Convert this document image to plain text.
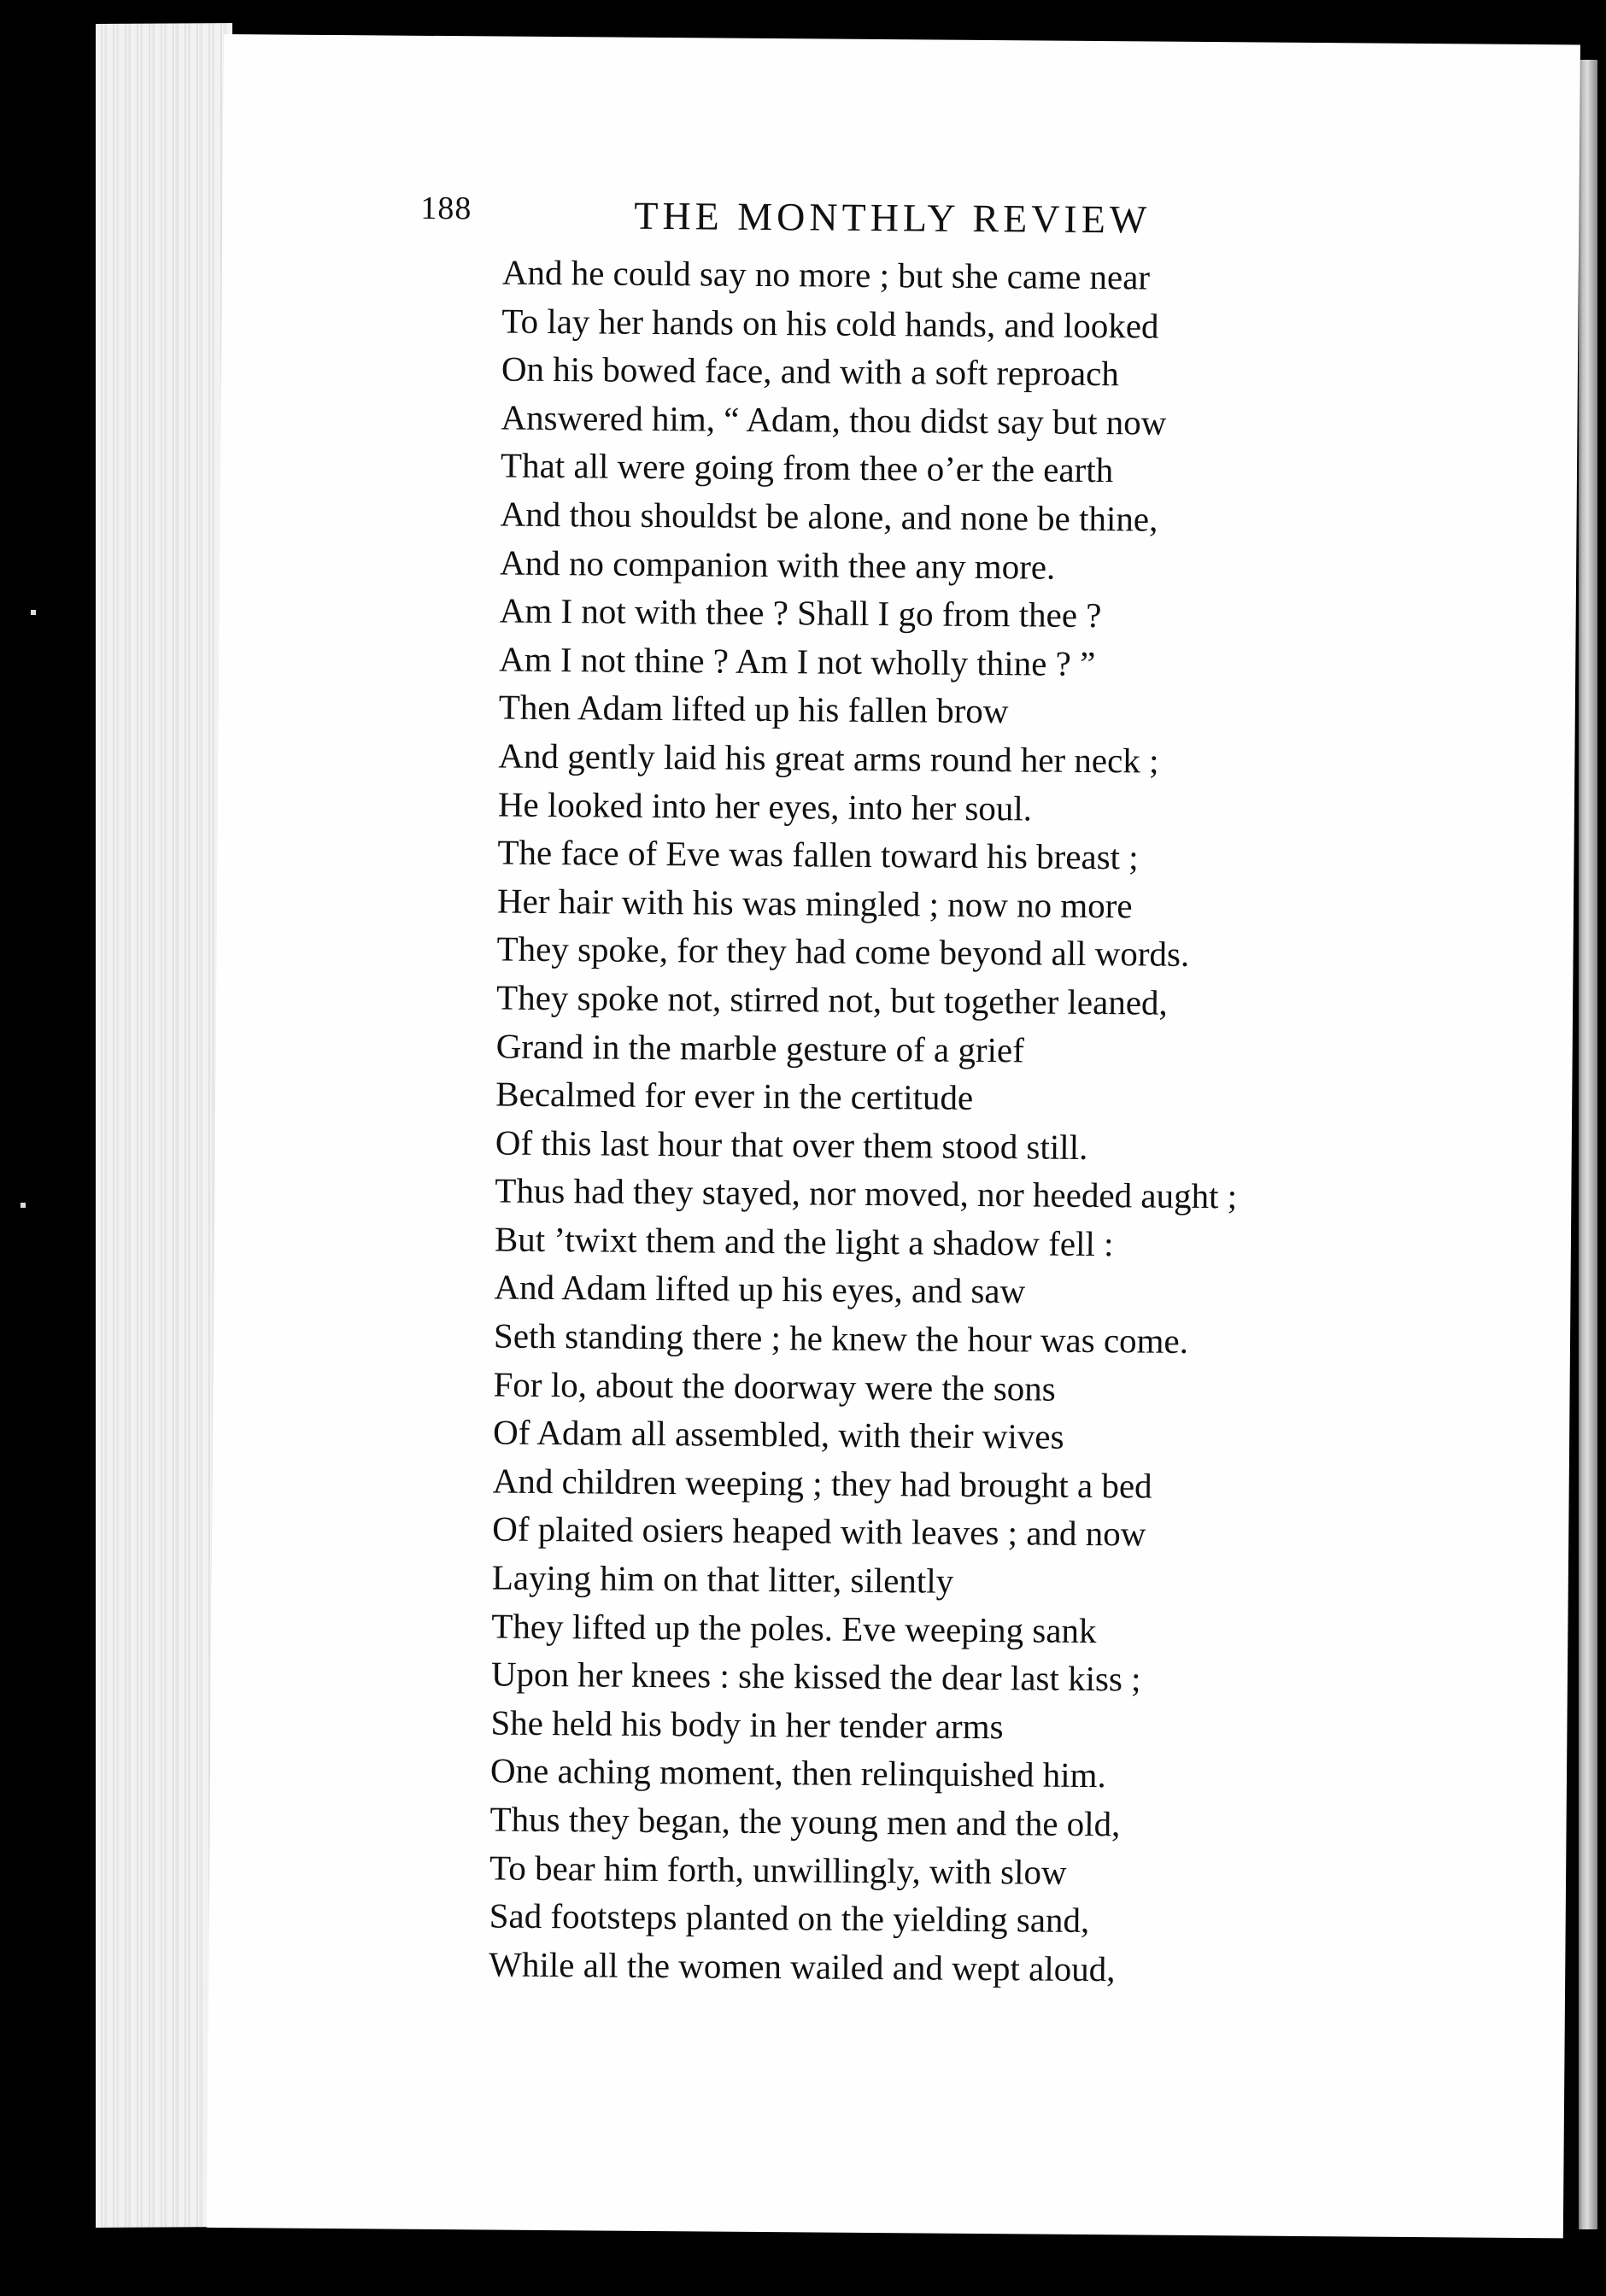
188	THE MONTHLY REVIEW
And he could say no more ; but she came near
To lay her hands on his cold hands, and looked
On his bowed face, and with a soft reproach
Answered him, “ Adam, thou didst say but now
That all were going from thee o’er the earth
And thou shouldst be alone, and none be thine,
And no companion with thee any more.
Am I not with thee ? Shall I go from thee ?
Am I not thine ? Am I not wholly thine ? ”
Then Adam lifted up his fallen brow
And gently laid his great arms round her neck ;
He looked into her eyes, into her soul.
The face of Eve was fallen toward his breast ;
Her hair with his was mingled ; now no more
They spoke, for they had come beyond all words.
They spoke not, stirred not, but together leaned,
Grand in the marble gesture of a grief
Becalmed for ever in the certitude
Of this last hour that over them stood still.
Thus had they stayed, nor moved, nor heeded aught ;
But ’twixt them and the light a shadow fell :
And Adam lifted up his eyes, and saw
Seth standing there ; he knew the hour was come.
For lo, about the doorway were the sons
Of Adam all assembled, with their wives
And children weeping ; they had brought a bed
Of plaited osiers heaped with leaves ; and now
Laying him on that litter, silently
They lifted up the poles. Eve weeping sank
Upon her knees : she kissed the dear last kiss ;
She held his body in her tender arms
One aching moment, then relinquished him.
Thus they began, the young men and the old,
To bear him forth, unwillingly, with slow
Sad footsteps planted on the yielding sand,
While all the women wailed and wept aloud,
